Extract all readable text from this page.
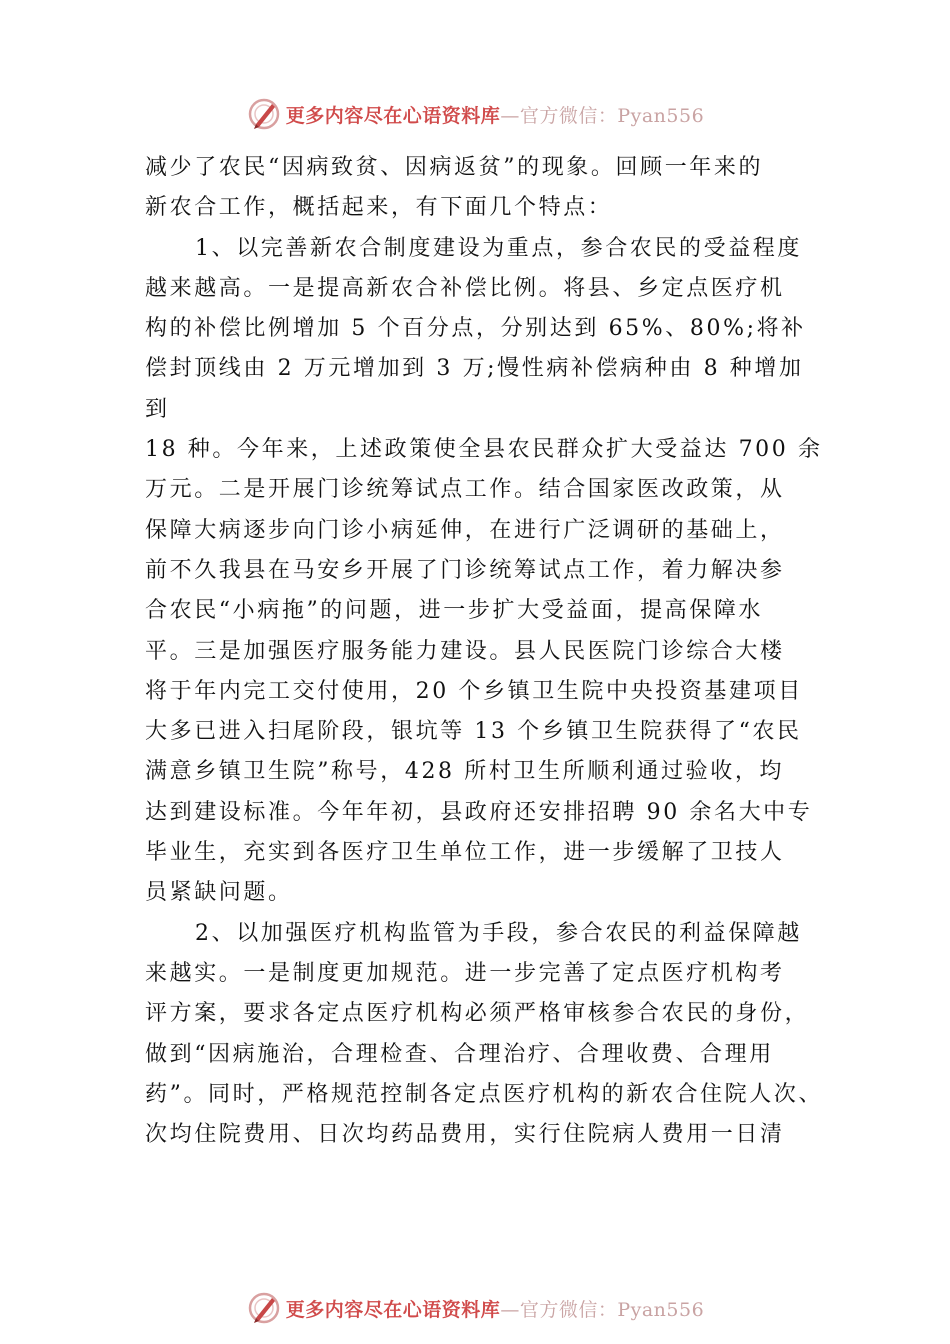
更多内容尽在心语资料库—官方微信：Pyan556
减少了农民“因病致贫、因病返贫”的现象。回顾一年来的
新农合工作，概括起来，有下面几个特点：
1、以完善新农合制度建设为重点，参合农民的受益程度
越来越高。一是提高新农合补偿比例。将县、乡定点医疗机
构的补偿比例增加 5 个百分点，分别达到 65%、80%;将补
偿封顶线由 2 万元增加到 3 万;慢性病补偿病种由 8 种增加
到
18 种。今年来，上述政策使全县农民群众扩大受益达 700 余
万元。二是开展门诊统筹试点工作。结合国家医改政策，从
保障大病逐步向门诊小病延伸，在进行广泛调研的基础上，
前不久我县在马安乡开展了门诊统筹试点工作，着力解决参
合农民“小病拖”的问题，进一步扩大受益面，提高保障水
平。三是加强医疗服务能力建设。县人民医院门诊综合大楼
将于年内完工交付使用，20 个乡镇卫生院中央投资基建项目
大多已进入扫尾阶段，银坑等 13 个乡镇卫生院获得了“农民
满意乡镇卫生院”称号，428 所村卫生所顺利通过验收，均
达到建设标准。今年年初，县政府还安排招聘 90 余名大中专
毕业生，充实到各医疗卫生单位工作，进一步缓解了卫技人
员紧缺问题。
2、以加强医疗机构监管为手段，参合农民的利益保障越
来越实。一是制度更加规范。进一步完善了定点医疗机构考
评方案，要求各定点医疗机构必须严格审核参合农民的身份，
做到“因病施治，合理检查、合理治疗、合理收费、合理用
药”。同时，严格规范控制各定点医疗机构的新农合住院人次、
次均住院费用、日次均药品费用，实行住院病人费用一日清
更多内容尽在心语资料库—官方微信：Pyan556
